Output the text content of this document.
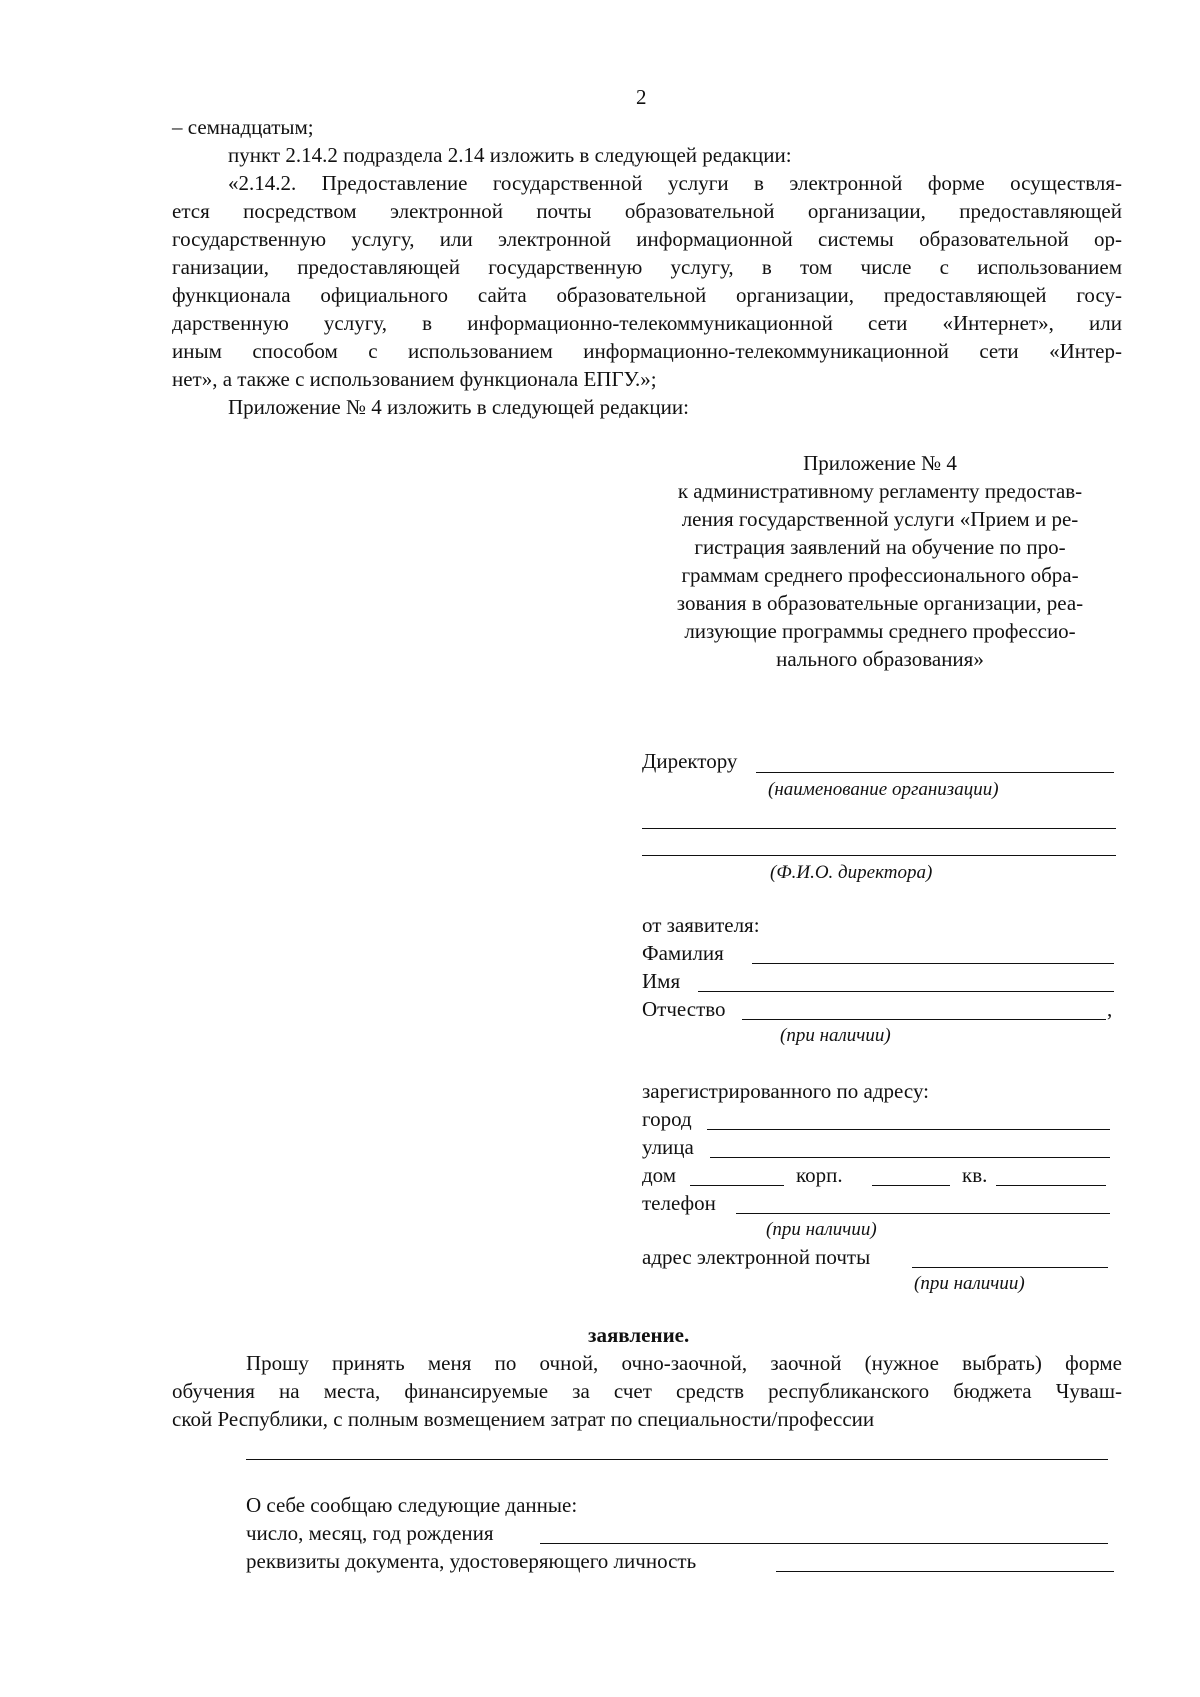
2
– семнадцатым;
пункт 2.14.2 подраздела 2.14 изложить в следующей редакции:
«2.14.2. Предоставление государственной услуги в электронной форме осуществля-
ется посредством электронной почты образовательной организации, предоставляющей
государственную услугу, или электронной информационной системы образовательной ор-
ганизации, предоставляющей государственную услугу, в том числе с использованием
функционала официального сайта образовательной организации, предоставляющей госу-
дарственную услугу, в информационно-телекоммуникационной сети «Интернет», или
иным способом с использованием информационно-телекоммуникационной сети «Интер-
нет», а также с использованием функционала ЕПГУ.»;
Приложение № 4 изложить в следующей редакции:
Приложение № 4
к административному регламенту предостав-
ления государственной услуги «Прием и ре-
гистрация заявлений на обучение по про-
граммам среднего профессионального обра-
зования в образовательные организации, реа-
лизующие программы среднего профессио-
нального образования»
Директору
(наименование организации)
(Ф.И.О. директора)
от заявителя:
Фамилия
Имя
Отчество	,
(при наличии)
зарегистрированного по адресу:
город
улица
дом	корп.	кв.
телефон
(при наличии)
адрес электронной почты
(при наличии)
заявление.
Прошу принять меня по очной, очно-заочной, заочной (нужное выбрать) форме
обучения на места, финансируемые за счет средств республиканского бюджета Чуваш-
ской Республики, с полным возмещением затрат по специальности/профессии
О себе сообщаю следующие данные:
число, месяц, год рождения
реквизиты документа, удостоверяющего личность
